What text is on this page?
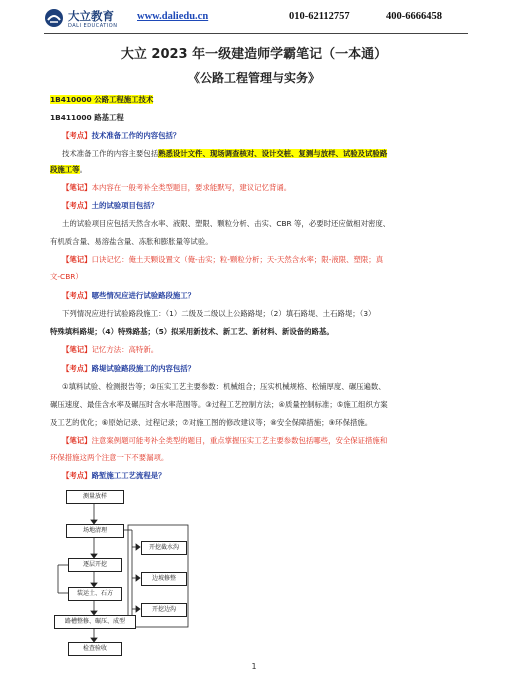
大立教育
DALI EDUCATION
www.daliedu.cn	010-62112757	400-6666458
大立 2023 年一级建造师学霸笔记（一本通）
《公路工程管理与实务》
1B410000 公路工程施工技术
1B411000 路基工程
【考点】技术准备工作的内容包括？
技术准备工作的内容主要包括熟悉设计文件、现场调查核对、设计交桩、复测与放样、试验及试验路
段施工等。
【笔记】本内容在一般考补全类型题目，要求能默写，建议记忆背诵。
【考点】土的试验项目包括？
土的试验项目应包括天然含水率、液限、塑限、颗粒分析、击实、CBR 等，必要时还应做相对密度、
有机质含量、易溶盐含量、冻胀和膨胀量等试验。
【笔记】口诀记忆：俺土天颗设置文（俺-击实；粒-颗粒分析；天-天然含水率；限-液限、塑限；真
文-CBR）
【考点】哪些情况应进行试验路段施工？
下列情况应进行试验路段施工：（1）二级及二级以上公路路堤；（2）填石路堤、土石路堤；（3）
特殊填料路堤；（4）特殊路基；（5）拟采用新技术、新工艺、新材料、新设备的路基。
【笔记】记忆方法：高特新。
【考点】路堤试验路段施工的内容包括？
①填料试验、检测报告等；②压实工艺主要参数：机械组合；压实机械规格、松铺厚度、碾压遍数、
碾压速度、最佳含水率及碾压时含水率范围等。③过程工艺控制方法；④质量控制标准；⑤施工组织方案
及工艺的优化；⑥原始记录、过程记录；⑦对施工图的修改建议等；⑧安全保障措施；⑨环保措施。
【笔记】注意案例题可能考补全类型的题目，重点掌握压实工艺主要参数包括哪些，安全保证措施和
环保措施这两个注意一下不要漏项。
【考点】路堑施工工艺流程是？
测量放样
场地清理
逐层开挖
装运土、石方
路槽整修、碾压、成型
检查验收
开挖截水沟
边坡修整
开挖边沟
1
